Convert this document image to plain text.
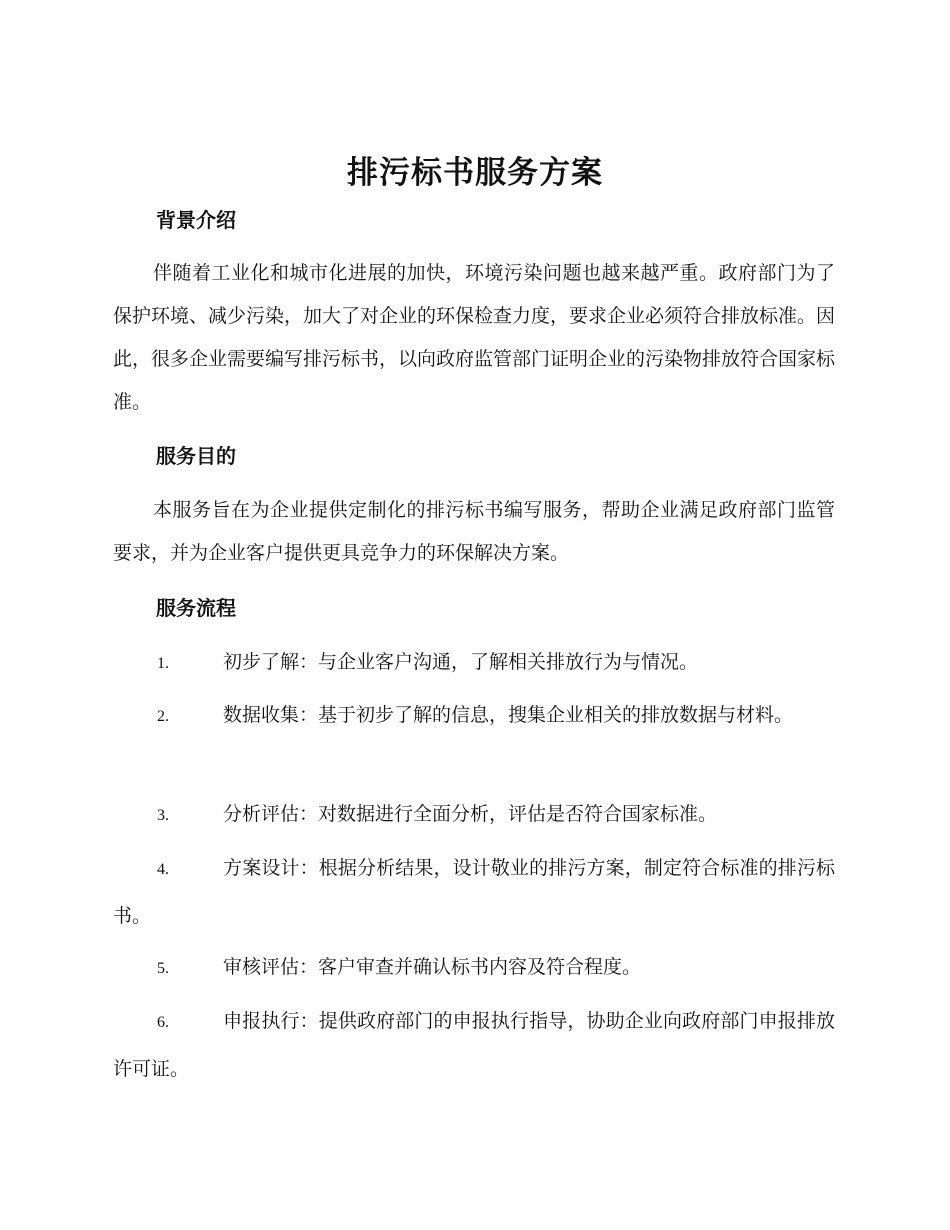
排污标书服务方案
背景介绍

伴随着工业化和城市化进展的加快，环境污染问题也越来越严重。政府部门为了保护环境、减少污染，加大了对企业的环保检查力度，要求企业必须符合排放标准。因此，很多企业需要编写排污标书，以向政府监管部门证明企业的污染物排放符合国家标准。

服务目的

本服务旨在为企业提供定制化的排污标书编写服务，帮助企业满足政府部门监管要求，并为企业客户提供更具竞争力的环保解决方案。

服务流程

1.	初步了解：与企业客户沟通，了解相关排放行为与情况。

2.	数据收集：基于初步了解的信息，搜集企业相关的排放数据与材料。

3.	分析评估：对数据进行全面分析，评估是否符合国家标准。

4.	方案设计：根据分析结果，设计敬业的排污方案，制定符合标准的排污标书。

5.	审核评估：客户审查并确认标书内容及符合程度。

6.	申报执行：提供政府部门的申报执行指导，协助企业向政府部门申报排放许可证。
